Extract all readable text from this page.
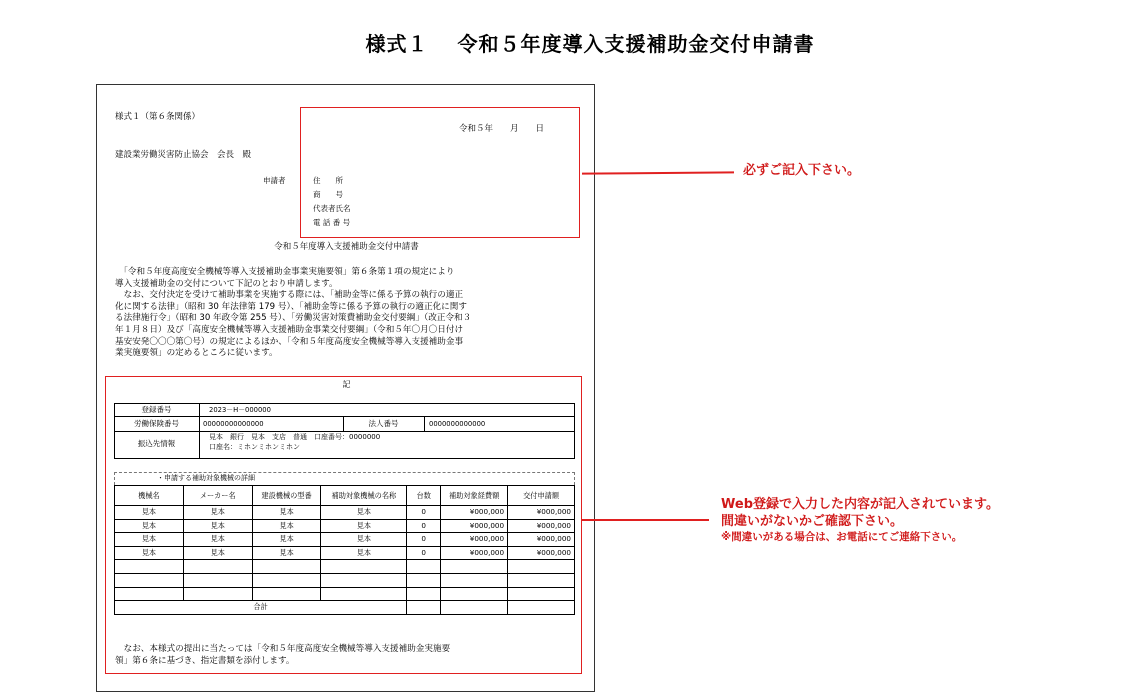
様式１　 令和５年度導入支援補助金交付申請書
様式１（第６条関係）
令和５年　　月　　日
建設業労働災害防止協会　会長　殿
申請者	住　　所
商　　号
代表者氏名
電 話 番 号
令和５年度導入支援補助金交付申請書

　「令和５年度高度安全機械等導入支援補助金事業実施要領」第６条第１項の規定により

導入支援補助金の交付について下記のとおり申請します。

　なお、交付決定を受けて補助事業を実施する際には、「補助金等に係る予算の執行の適正

化に関する法律」（昭和 30 年法律第 179 号）、「補助金等に係る予算の執行の適正化に関す

る法律施行令」（昭和 30 年政令第 255 号）、「労働災害対策費補助金交付要綱」（改正令和３

年１月８日）及び「高度安全機械等導入支援補助金事業交付要綱」（令和５年〇月〇日付け

基安安発〇〇〇第〇号）の規定によるほか、「令和５年度高度安全機械等導入支援補助金事

業実施要領」の定めるところに従います。

記
登録番号	2023－H－000000
労働保険番号	00000000000000	法人番号	0000000000000
振込先情報
見本　銀行　見本　支店　普通　口座番号：0000000
口座名：ミホンミホンミホン
・申請する補助対象機械の詳細
機械名	メーカー名	建設機械の型番	補助対象機械の名称	台数	補助対象経費額	交付申請額
見本	見本	見本	見本	0	¥000,000	¥000,000
見本	見本	見本	見本	0	¥000,000	¥000,000
見本	見本	見本	見本	0	¥000,000	¥000,000
見本	見本	見本	見本	0	¥000,000	¥000,000

合計						
　なお、本様式の提出に当たっては「令和５年度高度安全機械等導入支援補助金実施要
領」第６条に基づき、指定書類を添付します。
必ずご記入下さい。
Web登録で入力した内容が記入されています。
間違いがないかご確認下さい。
※間違いがある場合は、お電話にてご連絡下さい。
